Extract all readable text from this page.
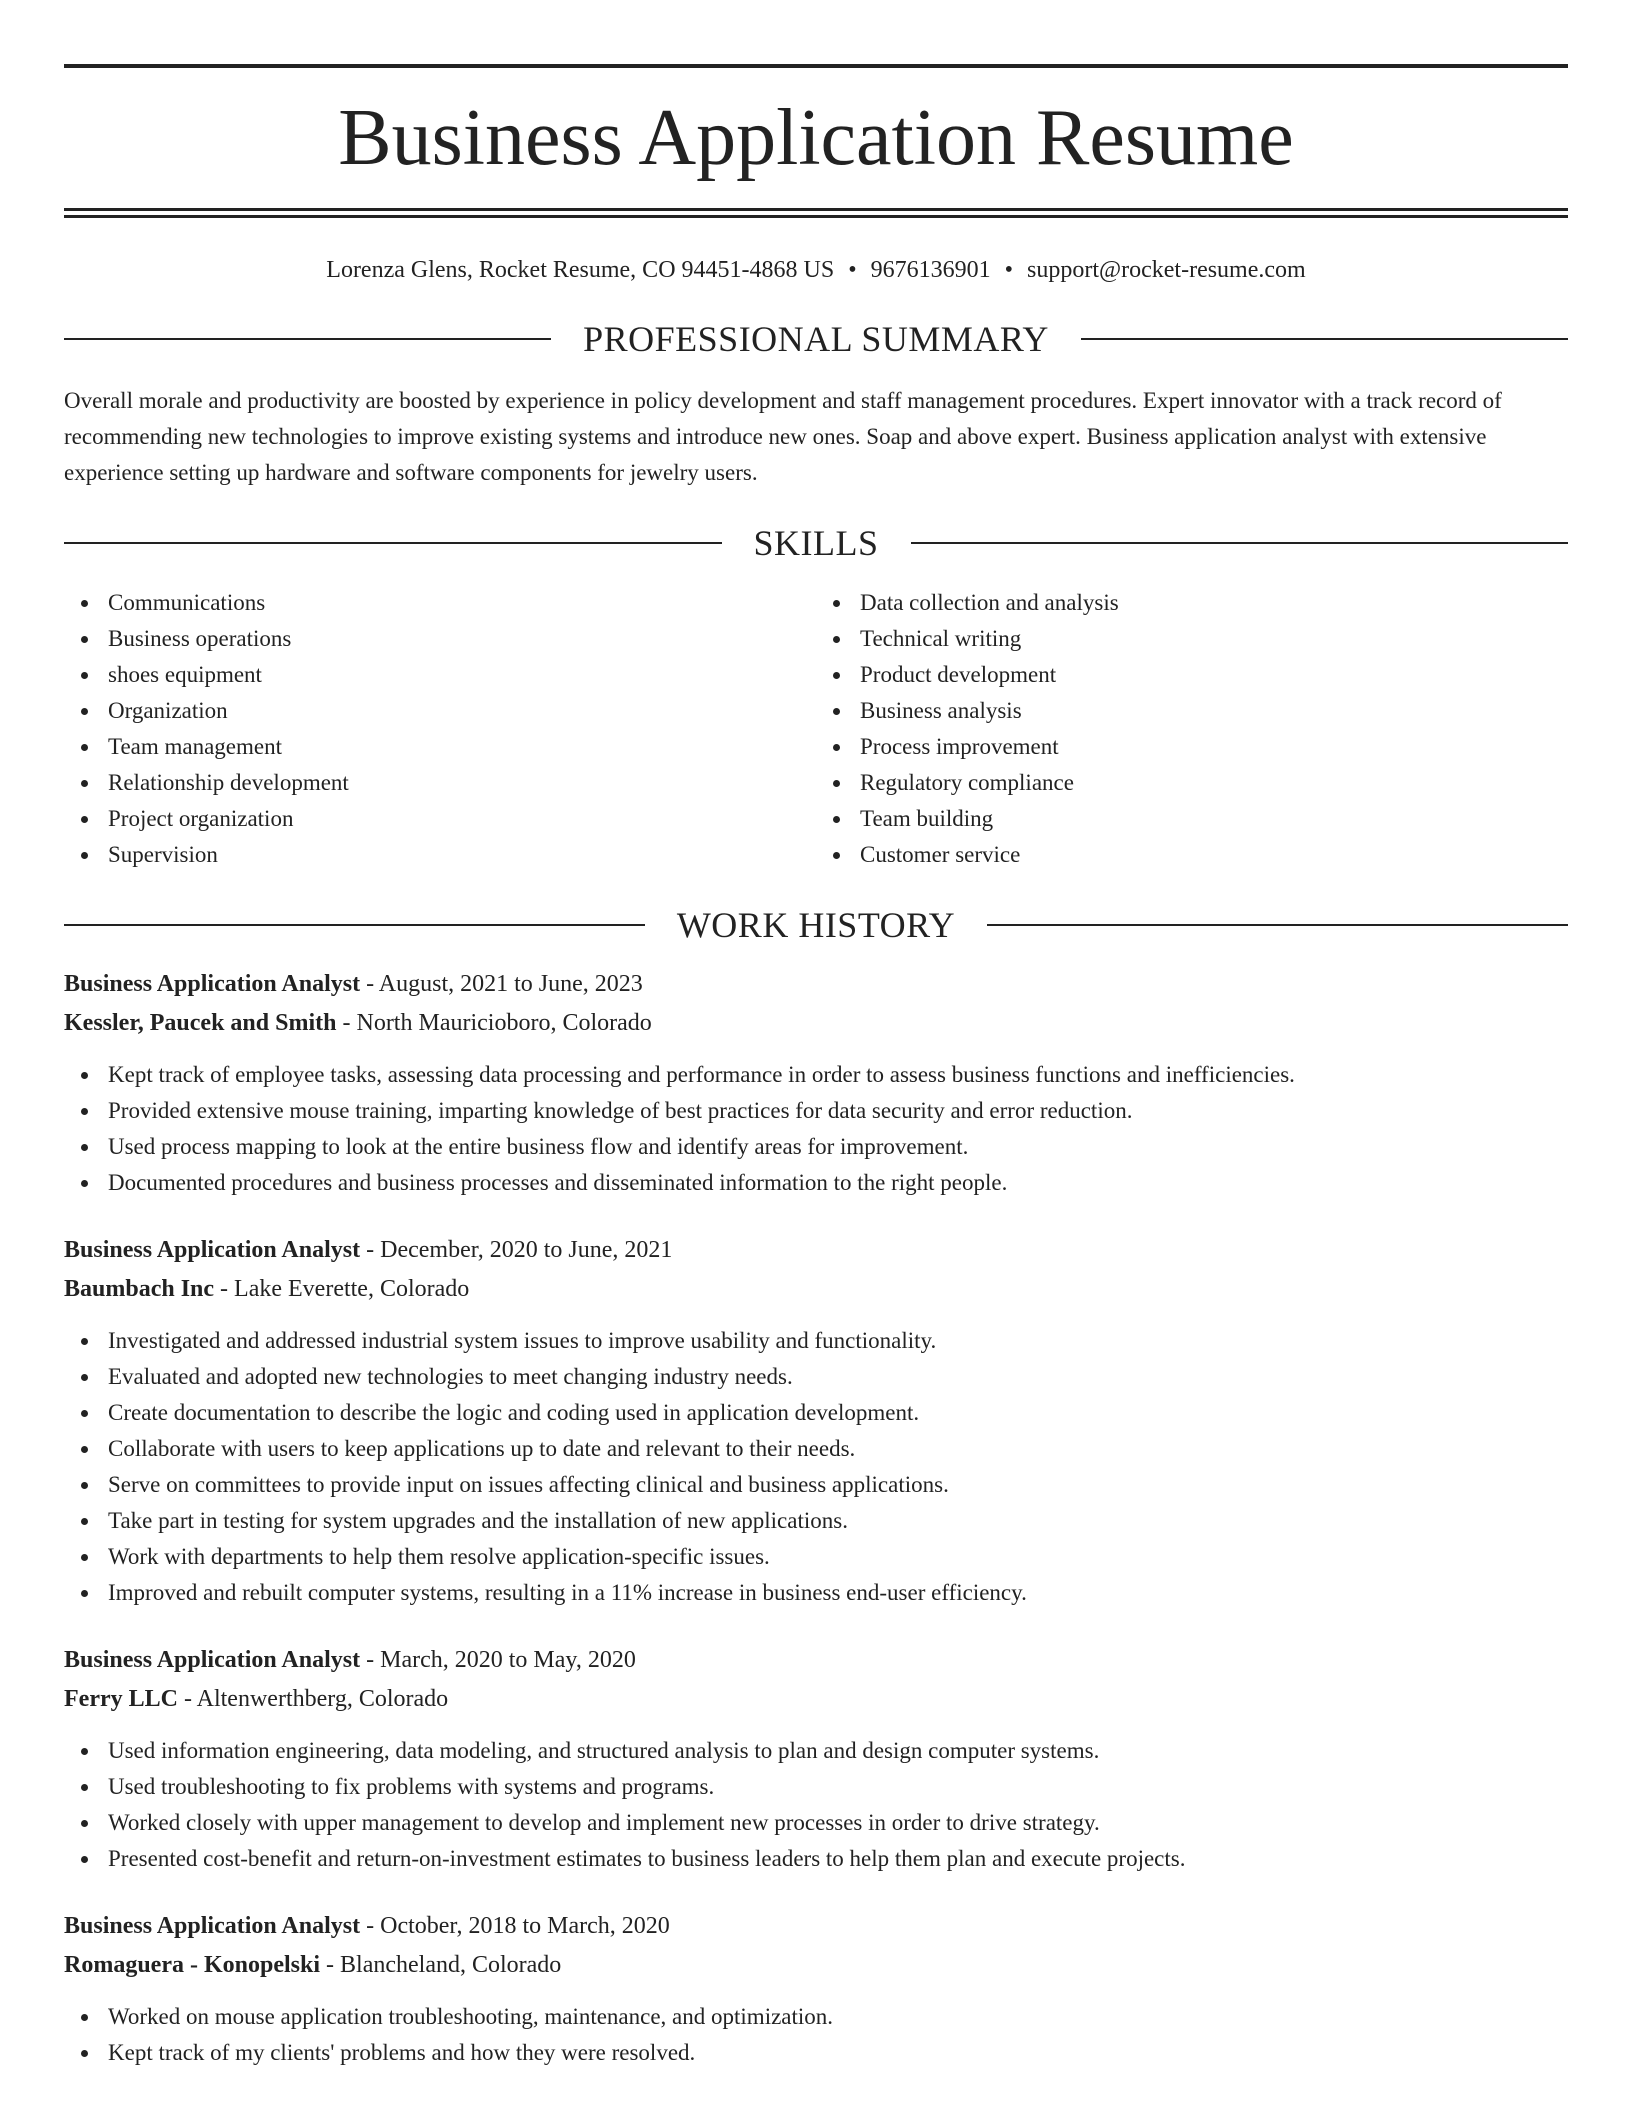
Business Application Resume
Lorenza Glens, Rocket Resume, CO 94451-4868 US • 9676136901 • support@rocket-resume.com
PROFESSIONAL SUMMARY
Overall morale and productivity are boosted by experience in policy development and staff management procedures. Expert innovator with a track record of recommending new technologies to improve existing systems and introduce new ones. Soap and above expert. Business application analyst with extensive experience setting up hardware and software components for jewelry users.
SKILLS
Communications
Business operations
shoes equipment
Organization
Team management
Relationship development
Project organization
Supervision
Data collection and analysis
Technical writing
Product development
Business analysis
Process improvement
Regulatory compliance
Team building
Customer service
WORK HISTORY
Business Application Analyst - August, 2021 to June, 2023
Kessler, Paucek and Smith - North Mauricioboro, Colorado
Kept track of employee tasks, assessing data processing and performance in order to assess business functions and inefficiencies.
Provided extensive mouse training, imparting knowledge of best practices for data security and error reduction.
Used process mapping to look at the entire business flow and identify areas for improvement.
Documented procedures and business processes and disseminated information to the right people.
Business Application Analyst - December, 2020 to June, 2021
Baumbach Inc - Lake Everette, Colorado
Investigated and addressed industrial system issues to improve usability and functionality.
Evaluated and adopted new technologies to meet changing industry needs.
Create documentation to describe the logic and coding used in application development.
Collaborate with users to keep applications up to date and relevant to their needs.
Serve on committees to provide input on issues affecting clinical and business applications.
Take part in testing for system upgrades and the installation of new applications.
Work with departments to help them resolve application-specific issues.
Improved and rebuilt computer systems, resulting in a 11% increase in business end-user efficiency.
Business Application Analyst - March, 2020 to May, 2020
Ferry LLC - Altenwerthberg, Colorado
Used information engineering, data modeling, and structured analysis to plan and design computer systems.
Used troubleshooting to fix problems with systems and programs.
Worked closely with upper management to develop and implement new processes in order to drive strategy.
Presented cost-benefit and return-on-investment estimates to business leaders to help them plan and execute projects.
Business Application Analyst - October, 2018 to March, 2020
Romaguera - Konopelski - Blancheland, Colorado
Worked on mouse application troubleshooting, maintenance, and optimization.
Kept track of my clients' problems and how they were resolved.
